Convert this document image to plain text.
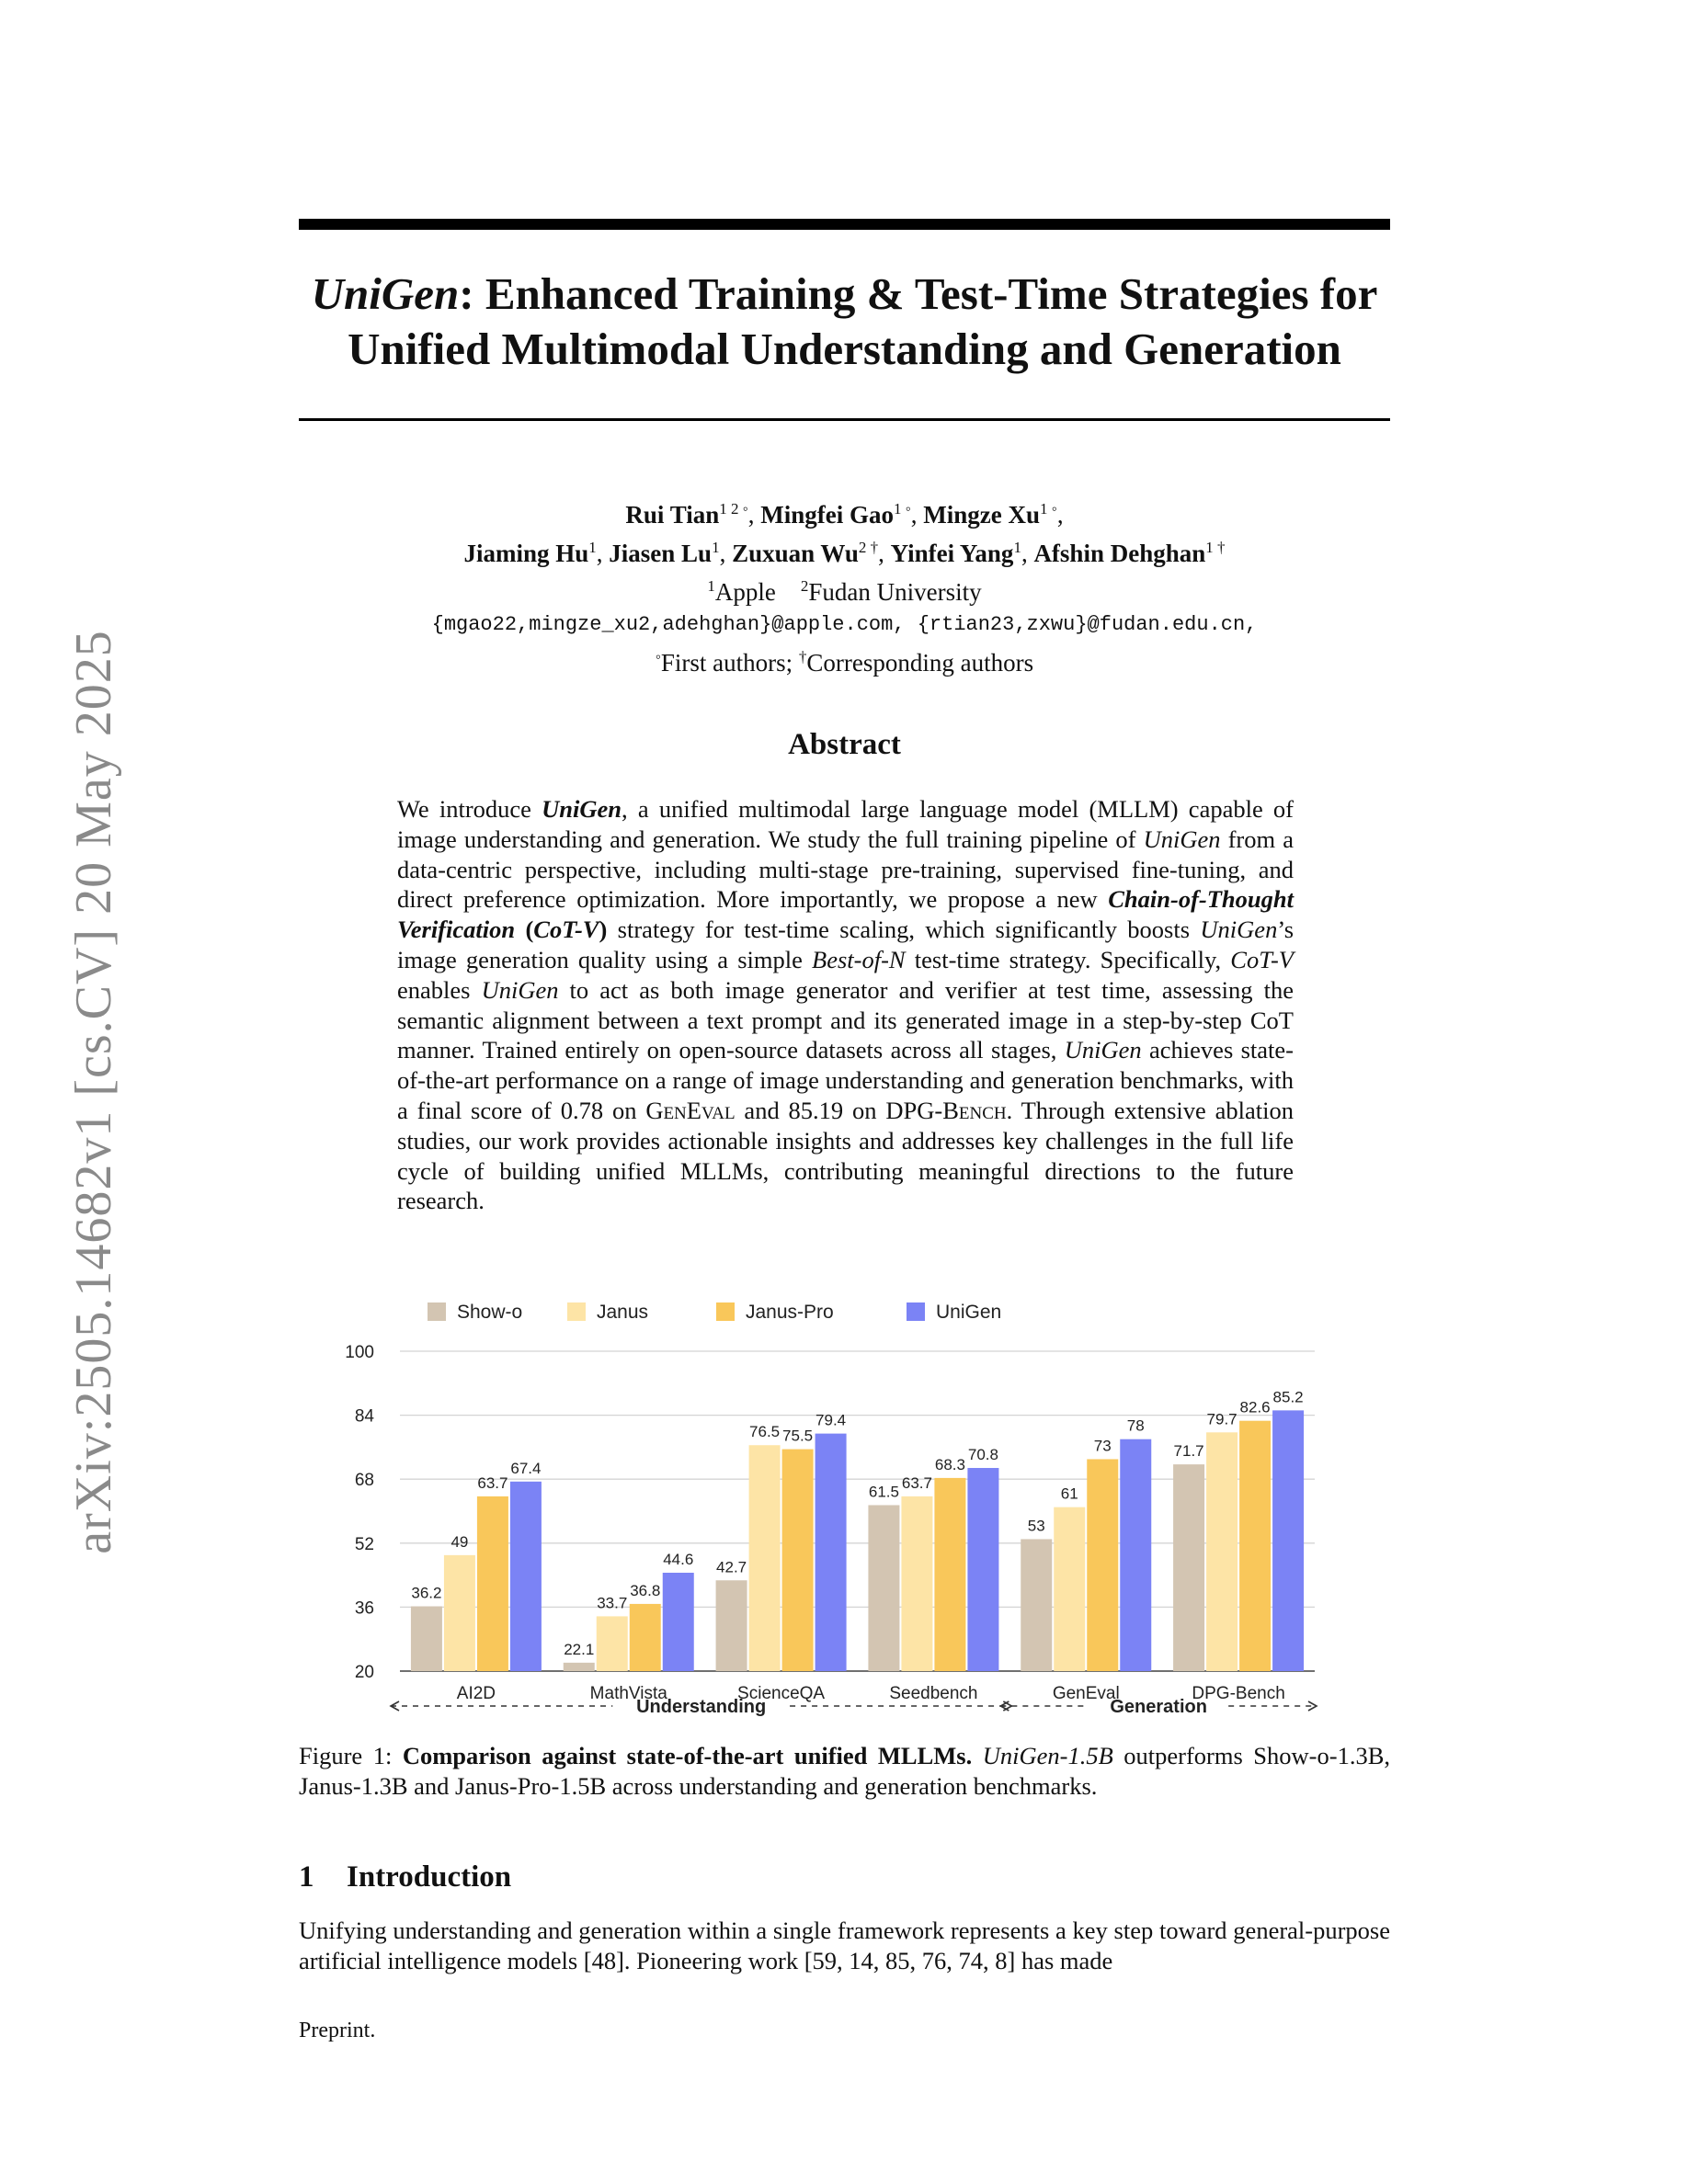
arXiv:2505.14682v1 [cs.CV] 20 May 2025
UniGen: Enhanced Training & Test-Time Strategies for
Unified Multimodal Understanding and Generation
Rui Tian$^{1 2 ◦}$, Mingfei Gao$^{1 ◦}$, Mingze $Xu^{1 ◦}$,
Jiaming Hu$^1$, Jiasen Lu$^1$, Zuxuan $Wu^{2 \dagger}$, Yinfei Yang$^1$, Afshin Dehghan$^{1 \dagger}$
$^1$Apple $^2$Fudan University
{mgao22,mingze_xu2,adehghan}@apple.com, {rtian23,zxwu}@fudan.edu.cn,
◦First authors; †Corresponding authors
Abstract
We introduce UniGen, a unified multimodal large language model (MLLM) capable of image understanding and generation. We study the full training pipeline of UniGen from a data-centric perspective, including multi-stage pre-training, supervised fine-tuning, and direct preference optimization. More importantly, we propose a new Chain-of-Thought Verification (CoT-V) strategy for test-time scaling, which significantly boosts UniGen’s image generation quality using a simple Best-of-N test-time strategy. Specifically, CoT-V enables UniGen to act as both image generator and verifier at test time, assessing the semantic alignment between a text prompt and its generated image in a step-by-step CoT manner. Trained entirely on open-source datasets across all stages, UniGen achieves state-of-the-art performance on a range of image understanding and generation benchmarks, with a final score of 0.78 on GenEval and 85.19 on DPG-Bench. Through extensive ablation studies, our work provides actionable insights and addresses key challenges in the full life cycle of building unified MLLMs, contributing meaningful directions to the future research.
Show-o	Janus	Janus-Pro	UniGen
20
36
52
68
84
100
36.2
49
63.7
67.4
AI2D
22.1
33.7
36.8
44.6
MathVista
42.7
76.5 75.5
79.4
ScienceQA
61.5
63.7
68.3
70.8
Seedbench
53
61
73
78
GenEval
71.7
79.7
82.6
85.2
DPG-Bench
Understanding	Generation
Figure 1: Comparison against state-of-the-art unified MLLMs. UniGen-1.5B outperforms Show-o-1.3B, Janus-1.3B and Janus-Pro-1.5B across understanding and generation benchmarks.
1 Introduction
Unifying understanding and generation within a single framework represents a key step toward general-purpose artificial intelligence models [48]. Pioneering work [59, 14, 85, 76, 74, 8] has made
Preprint.
